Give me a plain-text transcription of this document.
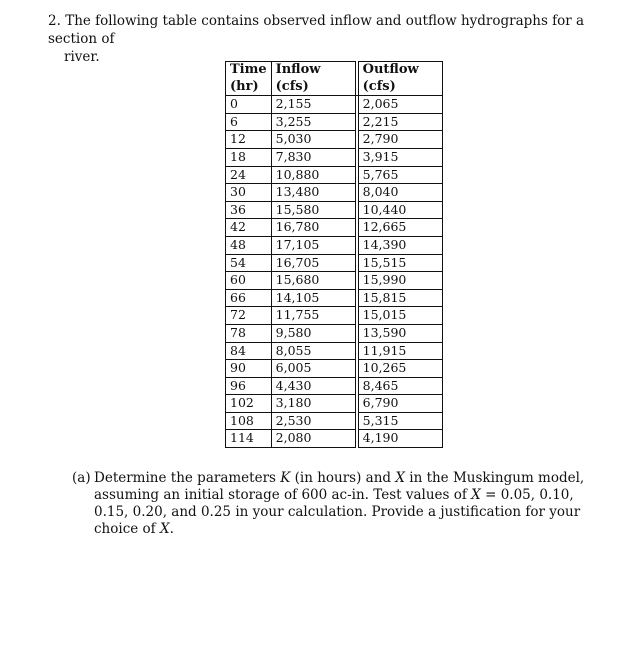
2. The following table contains observed inflow and outflow hydrographs for a section of
river.
Time	Inflow		Outflow
(hr)	(cfs)		(cfs)
0	2,155		2,065
6	3,255		2,215
12	5,030		2,790
18	7,830		3,915
24	10,880		5,765
30	13,480		8,040
36	15,580		10,440
42	16,780		12,665
48	17,105		14,390
54	16,705		15,515
60	15,680		15,990
66	14,105		15,815
72	11,755		15,015
78	9,580		13,590
84	8,055		11,915
90	6,005		10,265
96	4,430		8,465
102	3,180		6,790
108	2,530		5,315
114	2,080		4,190
(a) Determine the parameters K (in hours) and X in the Muskingum model, assuming an initial storage of 600 ac-in. Test values of X = 0.05, 0.10, 0.15, 0.20, and 0.25 in your calculation. Provide a justification for your choice of X.
